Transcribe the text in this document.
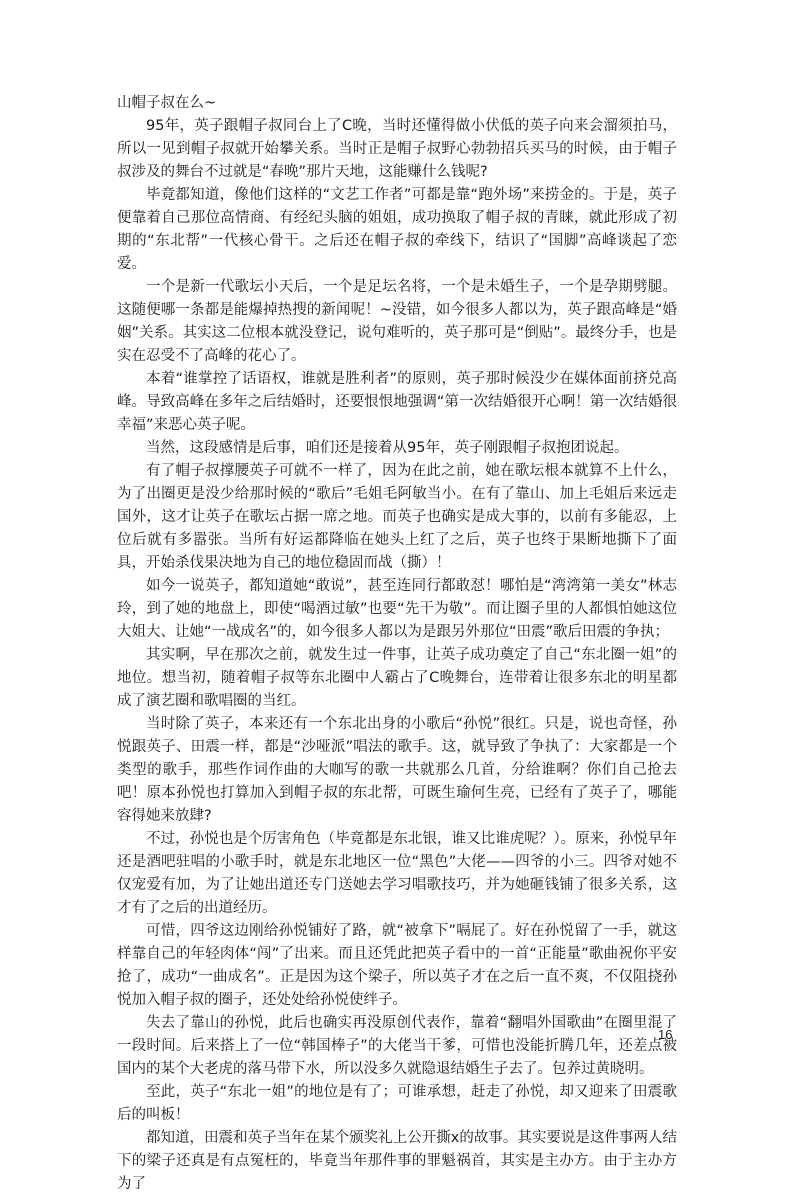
山帽子叔在么~

95年，英子跟帽子叔同台上了C晚，当时还懂得做小伏低的英子向来会溜须拍马，所以一见到帽子叔就开始攀关系。当时正是帽子叔野心勃勃招兵买马的时候，由于帽子叔涉及的舞台不过就是“春晚”那片天地，这能赚什么钱呢?

毕竟都知道，像他们这样的“文艺工作者”可都是靠“跑外场”来捞金的。于是，英子便靠着自己那位高情商、有经纪头脑的姐姐，成功换取了帽子叔的青睐，就此形成了初期的“东北帮”一代核心骨干。之后还在帽子叔的牵线下，结识了“国脚”高峰谈起了恋爱。

一个是新一代歌坛小天后，一个是足坛名将，一个是未婚生子，一个是孕期劈腿。这随便哪一条都是能爆掉热搜的新闻呢！~没错，如今很多人都以为，英子跟高峰是“婚姻”关系。其实这二位根本就没登记，说句难听的，英子那可是“倒贴”。最终分手，也是实在忍受不了高峰的花心了。

本着“谁掌控了话语权，谁就是胜利者”的原则，英子那时候没少在媒体面前挤兑高峰。导致高峰在多年之后结婚时，还要恨恨地强调“第一次结婚很开心啊！第一次结婚很幸福”来恶心英子呢。

当然，这段感情是后事，咱们还是接着从95年，英子刚跟帽子叔抱团说起。

有了帽子叔撑腰英子可就不一样了，因为在此之前，她在歌坛根本就算不上什么，为了出圈更是没少给那时候的“歌后”毛姐毛阿敏当小。在有了靠山、加上毛姐后来远走国外，这才让英子在歌坛占据一席之地。而英子也确实是成大事的，以前有多能忍，上位后就有多嚣张。当所有好运都降临在她头上红了之后，英子也终于果断地撕下了面具，开始杀伐果决地为自己的地位稳固而战（撕）！

如今一说英子，都知道她“敢说”，甚至连同行都敢怼！哪怕是“湾湾第一美女”林志玲，到了她的地盘上，即使“喝酒过敏”也要“先干为敬”。而让圈子里的人都惧怕她这位大姐大、让她“一战成名”的，如今很多人都以为是跟另外那位“田震”歌后田震的争执；

其实啊，早在那次之前，就发生过一件事，让英子成功奠定了自己“东北圈一姐”的地位。想当初，随着帽子叔等东北圈中人霸占了C晚舞台，连带着让很多东北的明星都成了演艺圈和歌唱圈的当红。

当时除了英子，本来还有一个东北出身的小歌后“孙悦”很红。只是，说也奇怪，孙悦跟英子、田震一样，都是“沙哑派”唱法的歌手。这，就导致了争执了：大家都是一个类型的歌手，那些作词作曲的大咖写的歌一共就那么几首，分给谁啊？你们自己抢去吧！原本孙悦也打算加入到帽子叔的东北帮，可既生瑜何生亮，已经有了英子了，哪能容得她来放肆?

不过，孙悦也是个厉害角色（毕竟都是东北银，谁又比谁虎呢？）。原来，孙悦早年还是酒吧驻唱的小歌手时，就是东北地区一位“黑色”大佬——四爷的小三。四爷对她不仅宠爱有加，为了让她出道还专门送她去学习唱歌技巧，并为她砸钱铺了很多关系，这才有了之后的出道经历。

可惜，四爷这边刚给孙悦铺好了路，就“被拿下”嗝屁了。好在孙悦留了一手，就这样靠自己的年轻肉体“闯”了出来。而且还凭此把英子看中的一首“正能量”歌曲祝你平安抢了，成功“一曲成名”。正是因为这个梁子，所以英子才在之后一直不爽，不仅阻挠孙悦加入帽子叔的圈子，还处处给孙悦使绊子。

失去了靠山的孙悦，此后也确实再没原创代表作，靠着“翻唱外国歌曲”在圈里混了一段时间。后来搭上了一位“韩国棒子”的大佬当干爹，可惜也没能折腾几年，还差点被国内的某个大老虎的落马带下水，所以没多久就隐退结婚生子去了。包养过黄晓明。

至此，英子“东北一姐”的地位是有了；可谁承想，赶走了孙悦，却又迎来了田震歌后的叫板！

都知道，田震和英子当年在某个颁奖礼上公开撕x的故事。其实要说是这件事两人结下的梁子还真是有点冤枉的，毕竟当年那件事的罪魁祸首，其实是主办方。由于主办方为了

16
